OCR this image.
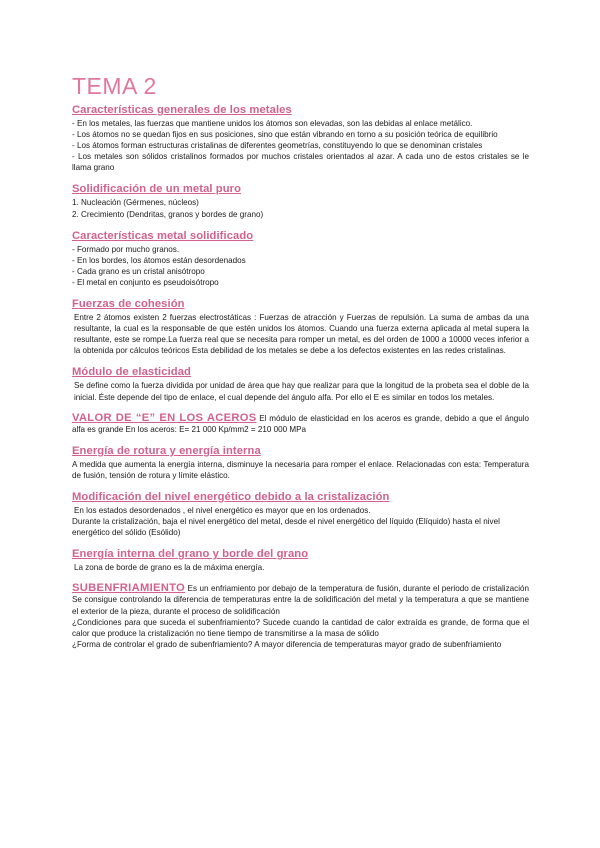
TEMA 2
Características generales de los metales

- En los metales, las fuerzas que mantiene unidos los átomos son elevadas, son las debidas al enlace metálico.

- Los átomos no se quedan fijos en sus posiciones, sino que están vibrando en torno a su posición teórica de equilibrio

- Los átomos forman estructuras cristalinas de diferentes geometrías, constituyendo lo que se denominan cristales

- Los metales son sólidos cristalinos formados por muchos cristales orientados al azar. A cada uno de estos cristales se le llama grano

Solidificación de un metal puro

1. Nucleación (Gérmenes, núcleos)

2. Crecimiento (Dendritas, granos y bordes de grano)

Características metal solidificado

- Formado por mucho granos.

- En los bordes, los átomos están desordenados

- Cada grano es un cristal anisótropo

- El metal en conjunto es pseudoisótropo

Fuerzas de cohesión

Entre 2 átomos existen 2 fuerzas electrostáticas : Fuerzas de atracción y Fuerzas de repulsión. La suma de ambas da una resultante, la cual es la responsable de que estén unidos los átomos. Cuando una fuerza externa aplicada al metal supera la resultante, este se rompe.La fuerza real que se necesita para romper un metal, es del orden de 1000 a 10000 veces inferior a la obtenida por cálculos teóricos Esta debilidad de los metales se debe a los defectos existentes en las redes cristalinas.

Módulo de elasticidad

Se define como la fuerza dividida por unidad de área que hay que realizar para que la longitud de la probeta sea el doble de la inicial. Éste depende del tipo de enlace, el cual depende del ángulo alfa. Por ello el E es similar en todos los metales.

VALOR DE “E” EN LOS ACEROS El módulo de elasticidad en los aceros es grande, debido a que el ángulo alfa es grande En los aceros: E= 21 000 Kp/mm2 = 210 000 MPa

Energía de rotura y energía interna

A medida que aumenta la energía interna, disminuye la necesaria para romper el enlace. Relacionadas con esta: Temperatura de fusión, tensión de rotura y límite elástico.

Modificación del nivel energético debido a la cristalización

En los estados desordenados , el nivel energético es mayor que en los ordenados.

Durante la cristalización, baja el nivel energético del metal, desde el nivel energético del líquido (Elíquido) hasta el nivel energético del sólido (Esólido)

Energía interna del grano y borde del grano

La zona de borde de grano es la de máxima energía.

SUBENFRIAMIENTO Es un enfriamiento por debajo de la temperatura de fusión, durante el periodo de cristalización Se consigue controlando la diferencia de temperaturas entre la de solidificación del metal y la temperatura a que se mantiene el exterior de la pieza, durante el proceso de solidificación

¿Condiciones para que suceda el subenfriamiento? Sucede cuando la cantidad de calor extraída es grande, de forma que el calor que produce la cristalización no tiene tiempo de transmitirse a la masa de sólido

¿Forma de controlar el grado de subenfriamiento? A mayor diferencia de temperaturas mayor grado de subenfriamiento
